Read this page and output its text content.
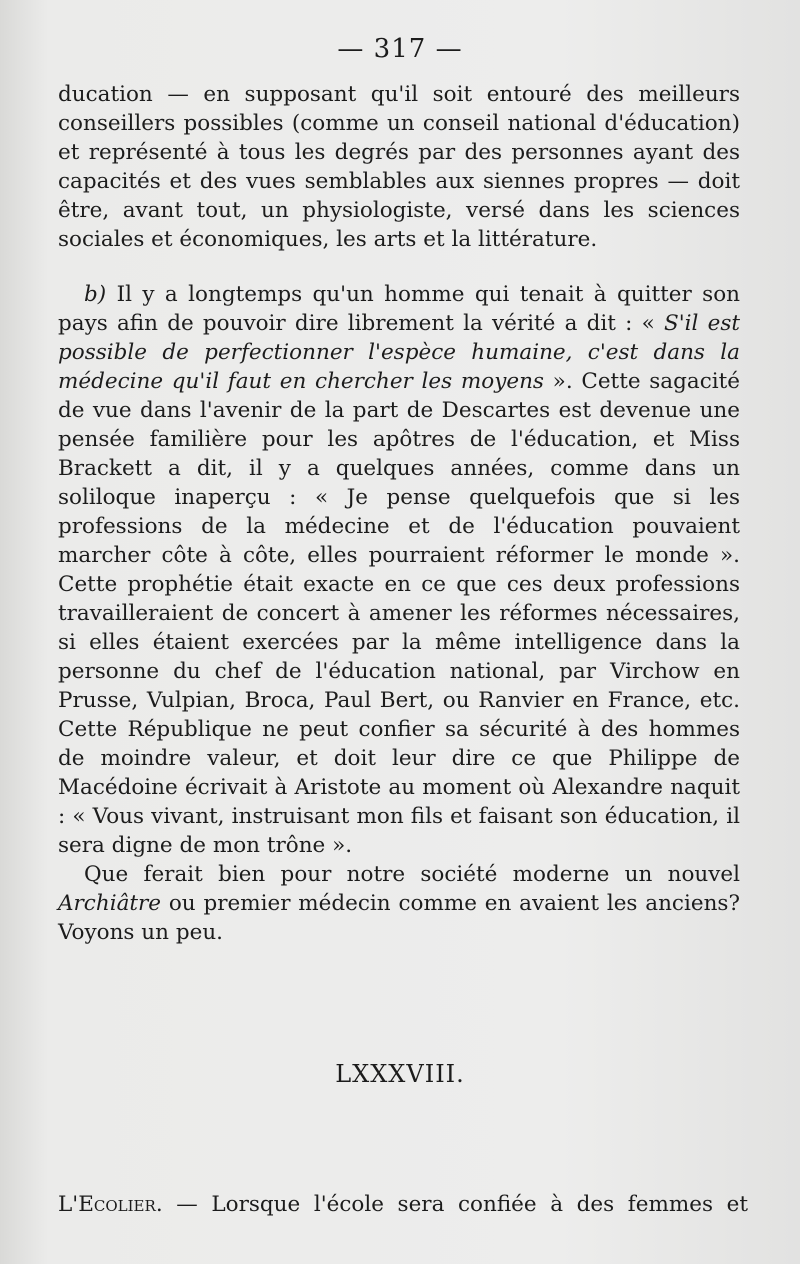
— 317 —

ducation — en supposant qu'il soit entouré des meilleurs conseillers possibles (comme un conseil national d'éducation) et représenté à tous les degrés par des personnes ayant des capacités et des vues semblables aux siennes propres — doit être, avant tout, un physiologiste, versé dans les sciences sociales et économiques, les arts et la littérature.

b) Il y a longtemps qu'un homme qui tenait à quitter son pays afin de pouvoir dire librement la vérité a dit : « S'il est possible de perfectionner l'espèce humaine, c'est dans la médecine qu'il faut en chercher les moyens ». Cette sagacité de vue dans l'avenir de la part de Descartes est devenue une pensée familière pour les apôtres de l'éducation, et Miss Brackett a dit, il y a quelques années, comme dans un soliloque inaperçu : « Je pense quelquefois que si les professions de la médecine et de l'éducation pouvaient marcher côte à côte, elles pourraient réformer le monde ». Cette prophétie était exacte en ce que ces deux professions travailleraient de concert à amener les réformes nécessaires, si elles étaient exercées par la même intelligence dans la personne du chef de l'éducation national, par Virchow en Prusse, Vulpian, Broca, Paul Bert, ou Ranvier en France, etc. Cette République ne peut confier sa sécurité à des hommes de moindre valeur, et doit leur dire ce que Philippe de Macédoine écrivait à Aristote au moment où Alexandre naquit : « Vous vivant, instruisant mon fils et faisant son éducation, il sera digne de mon trône ».

Que ferait bien pour notre société moderne un nouvel Archiâtre ou premier médecin comme en avaient les anciens? Voyons un peu.

LXXXVIII.
L'Ecolier. — Lorsque l'école sera confiée à des femmes et
